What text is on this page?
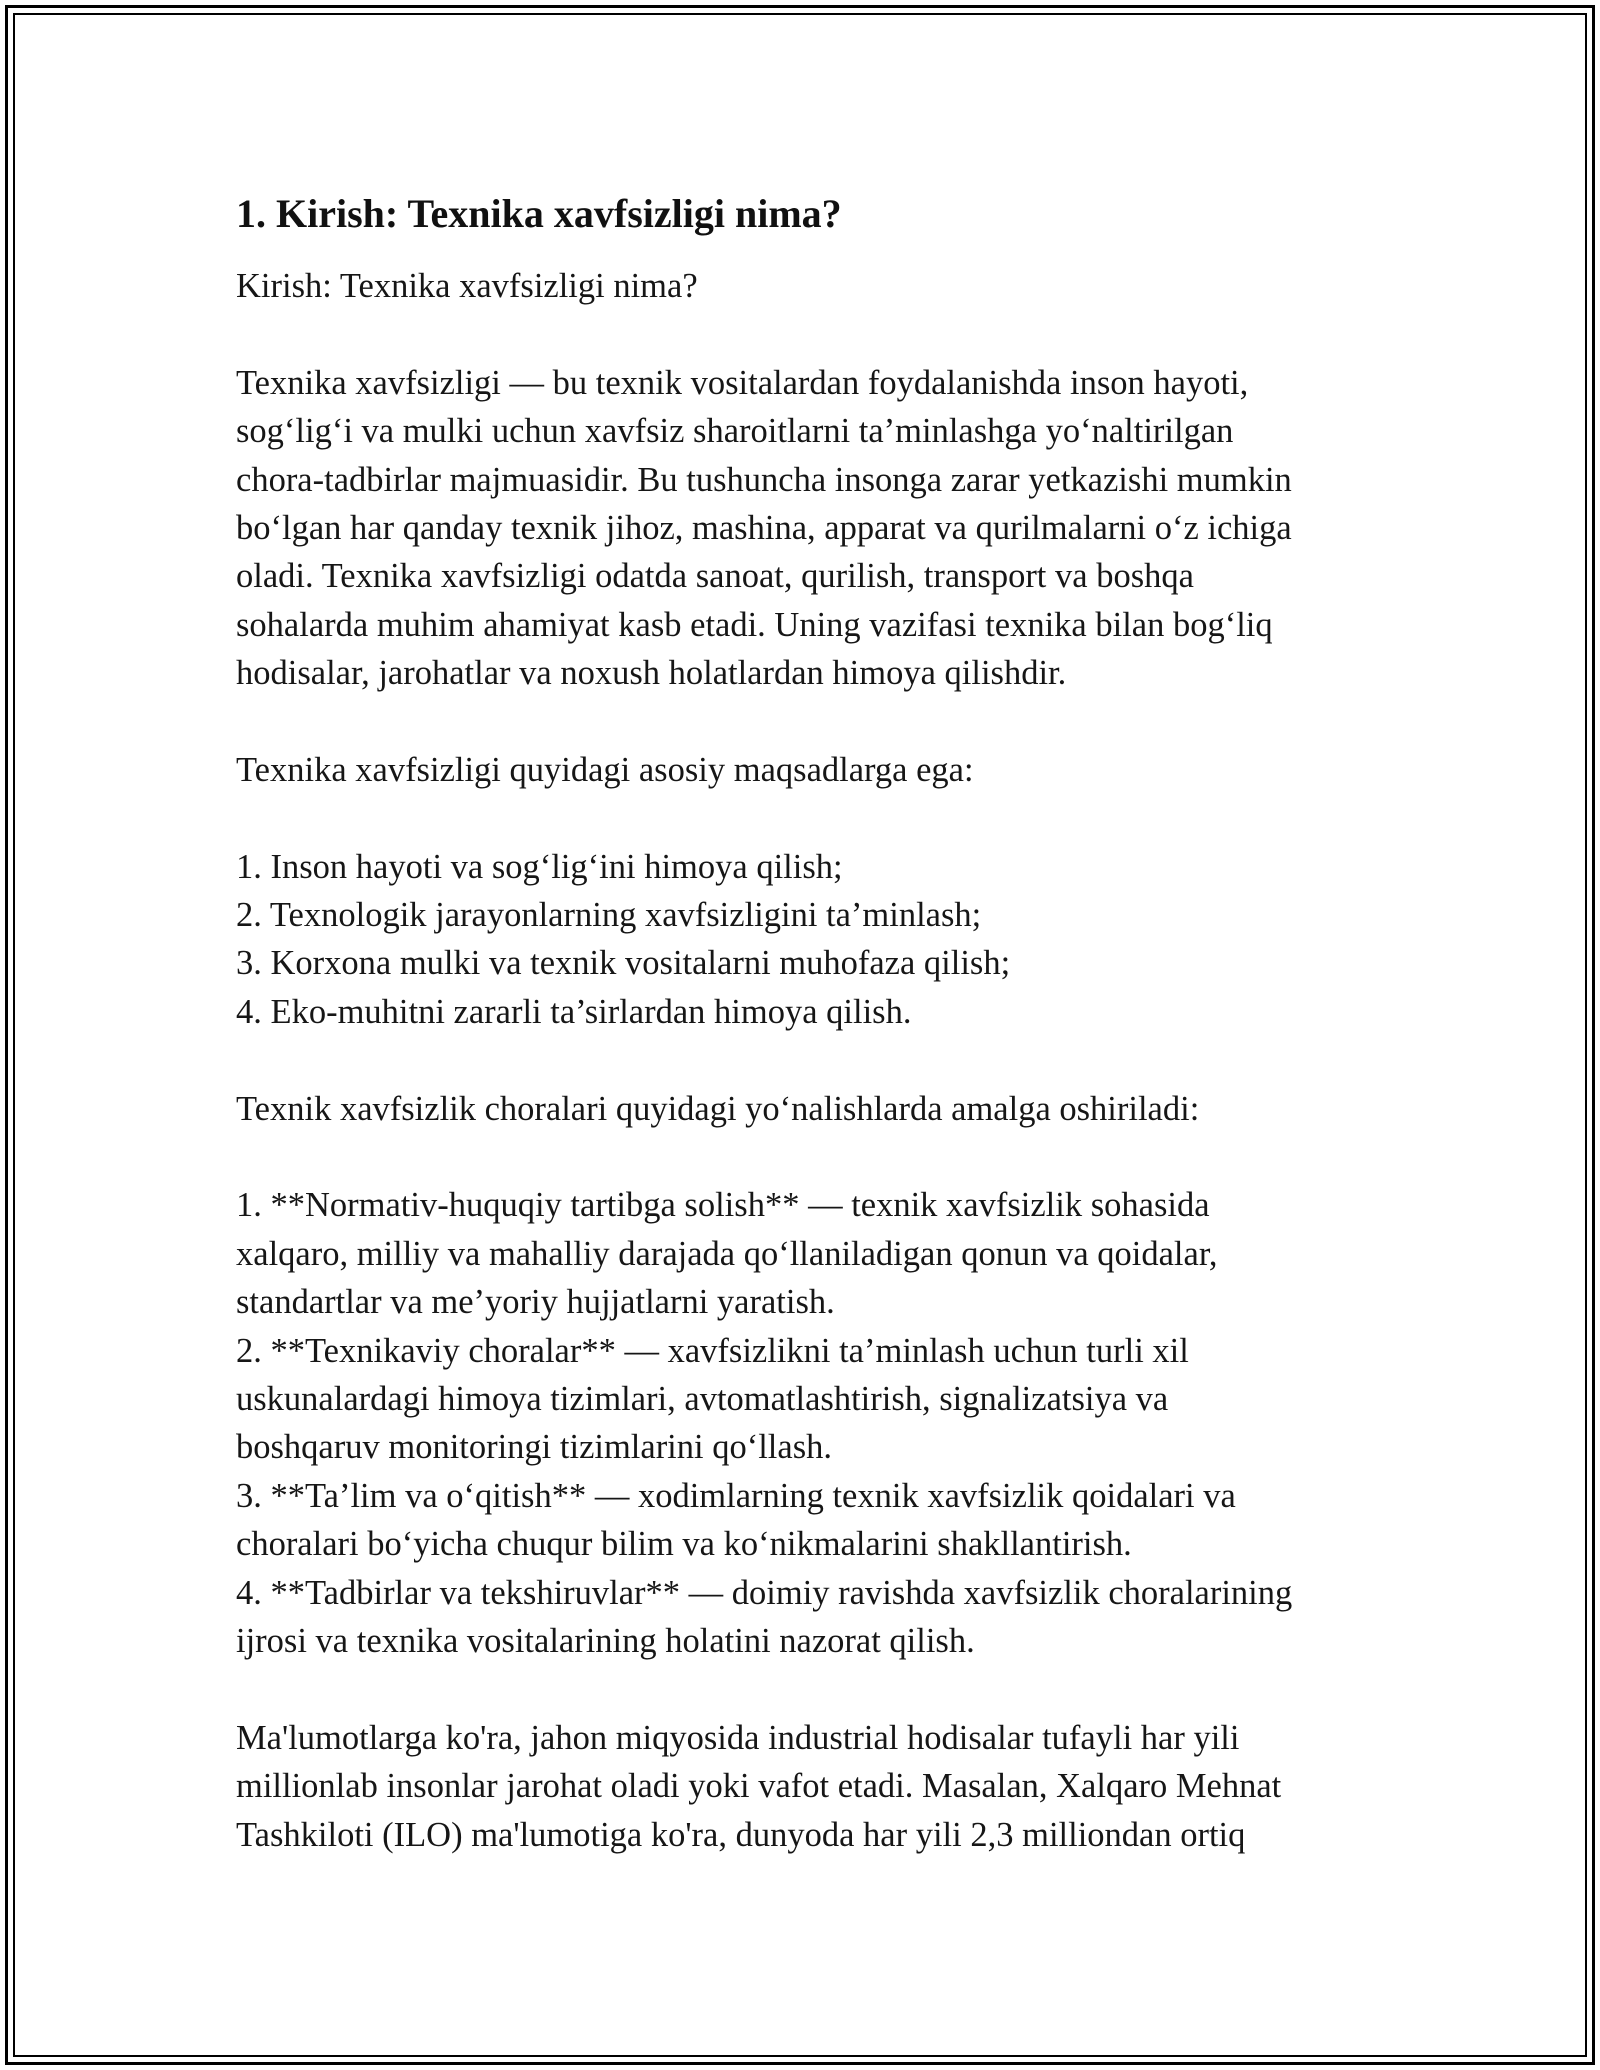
1. Kirish: Texnika xavfsizligi nima?
Kirish: Texnika xavfsizligi nima?
Texnika xavfsizligi — bu texnik vositalardan foydalanishda inson hayoti,
sog‘lig‘i va mulki uchun xavfsiz sharoitlarni ta’minlashga yo‘naltirilgan
chora-tadbirlar majmuasidir. Bu tushuncha insonga zarar yetkazishi mumkin
bo‘lgan har qanday texnik jihoz, mashina, apparat va qurilmalarni o‘z ichiga
oladi. Texnika xavfsizligi odatda sanoat, qurilish, transport va boshqa
sohalarda muhim ahamiyat kasb etadi. Uning vazifasi texnika bilan bog‘liq
hodisalar, jarohatlar va noxush holatlardan himoya qilishdir.
Texnika xavfsizligi quyidagi asosiy maqsadlarga ega:
1. Inson hayoti va sog‘lig‘ini himoya qilish;
2. Texnologik jarayonlarning xavfsizligini ta’minlash;
3. Korxona mulki va texnik vositalarni muhofaza qilish;
4. Eko-muhitni zararli ta’sirlardan himoya qilish.
Texnik xavfsizlik choralari quyidagi yo‘nalishlarda amalga oshiriladi:
1. **Normativ-huquqiy tartibga solish** — texnik xavfsizlik sohasida
xalqaro, milliy va mahalliy darajada qo‘llaniladigan qonun va qoidalar,
standartlar va me’yoriy hujjatlarni yaratish.
2. **Texnikaviy choralar** — xavfsizlikni ta’minlash uchun turli xil
uskunalardagi himoya tizimlari, avtomatlashtirish, signalizatsiya va
boshqaruv monitoringi tizimlarini qo‘llash.
3. **Ta’lim va o‘qitish** — xodimlarning texnik xavfsizlik qoidalari va
choralari bo‘yicha chuqur bilim va ko‘nikmalarini shakllantirish.
4. **Tadbirlar va tekshiruvlar** — doimiy ravishda xavfsizlik choralarining
ijrosi va texnika vositalarining holatini nazorat qilish.
Ma'lumotlarga ko'ra, jahon miqyosida industrial hodisalar tufayli har yili
millionlab insonlar jarohat oladi yoki vafot etadi. Masalan, Xalqaro Mehnat
Tashkiloti (ILO) ma'lumotiga ko'ra, dunyoda har yili 2,3 milliondan ortiq
